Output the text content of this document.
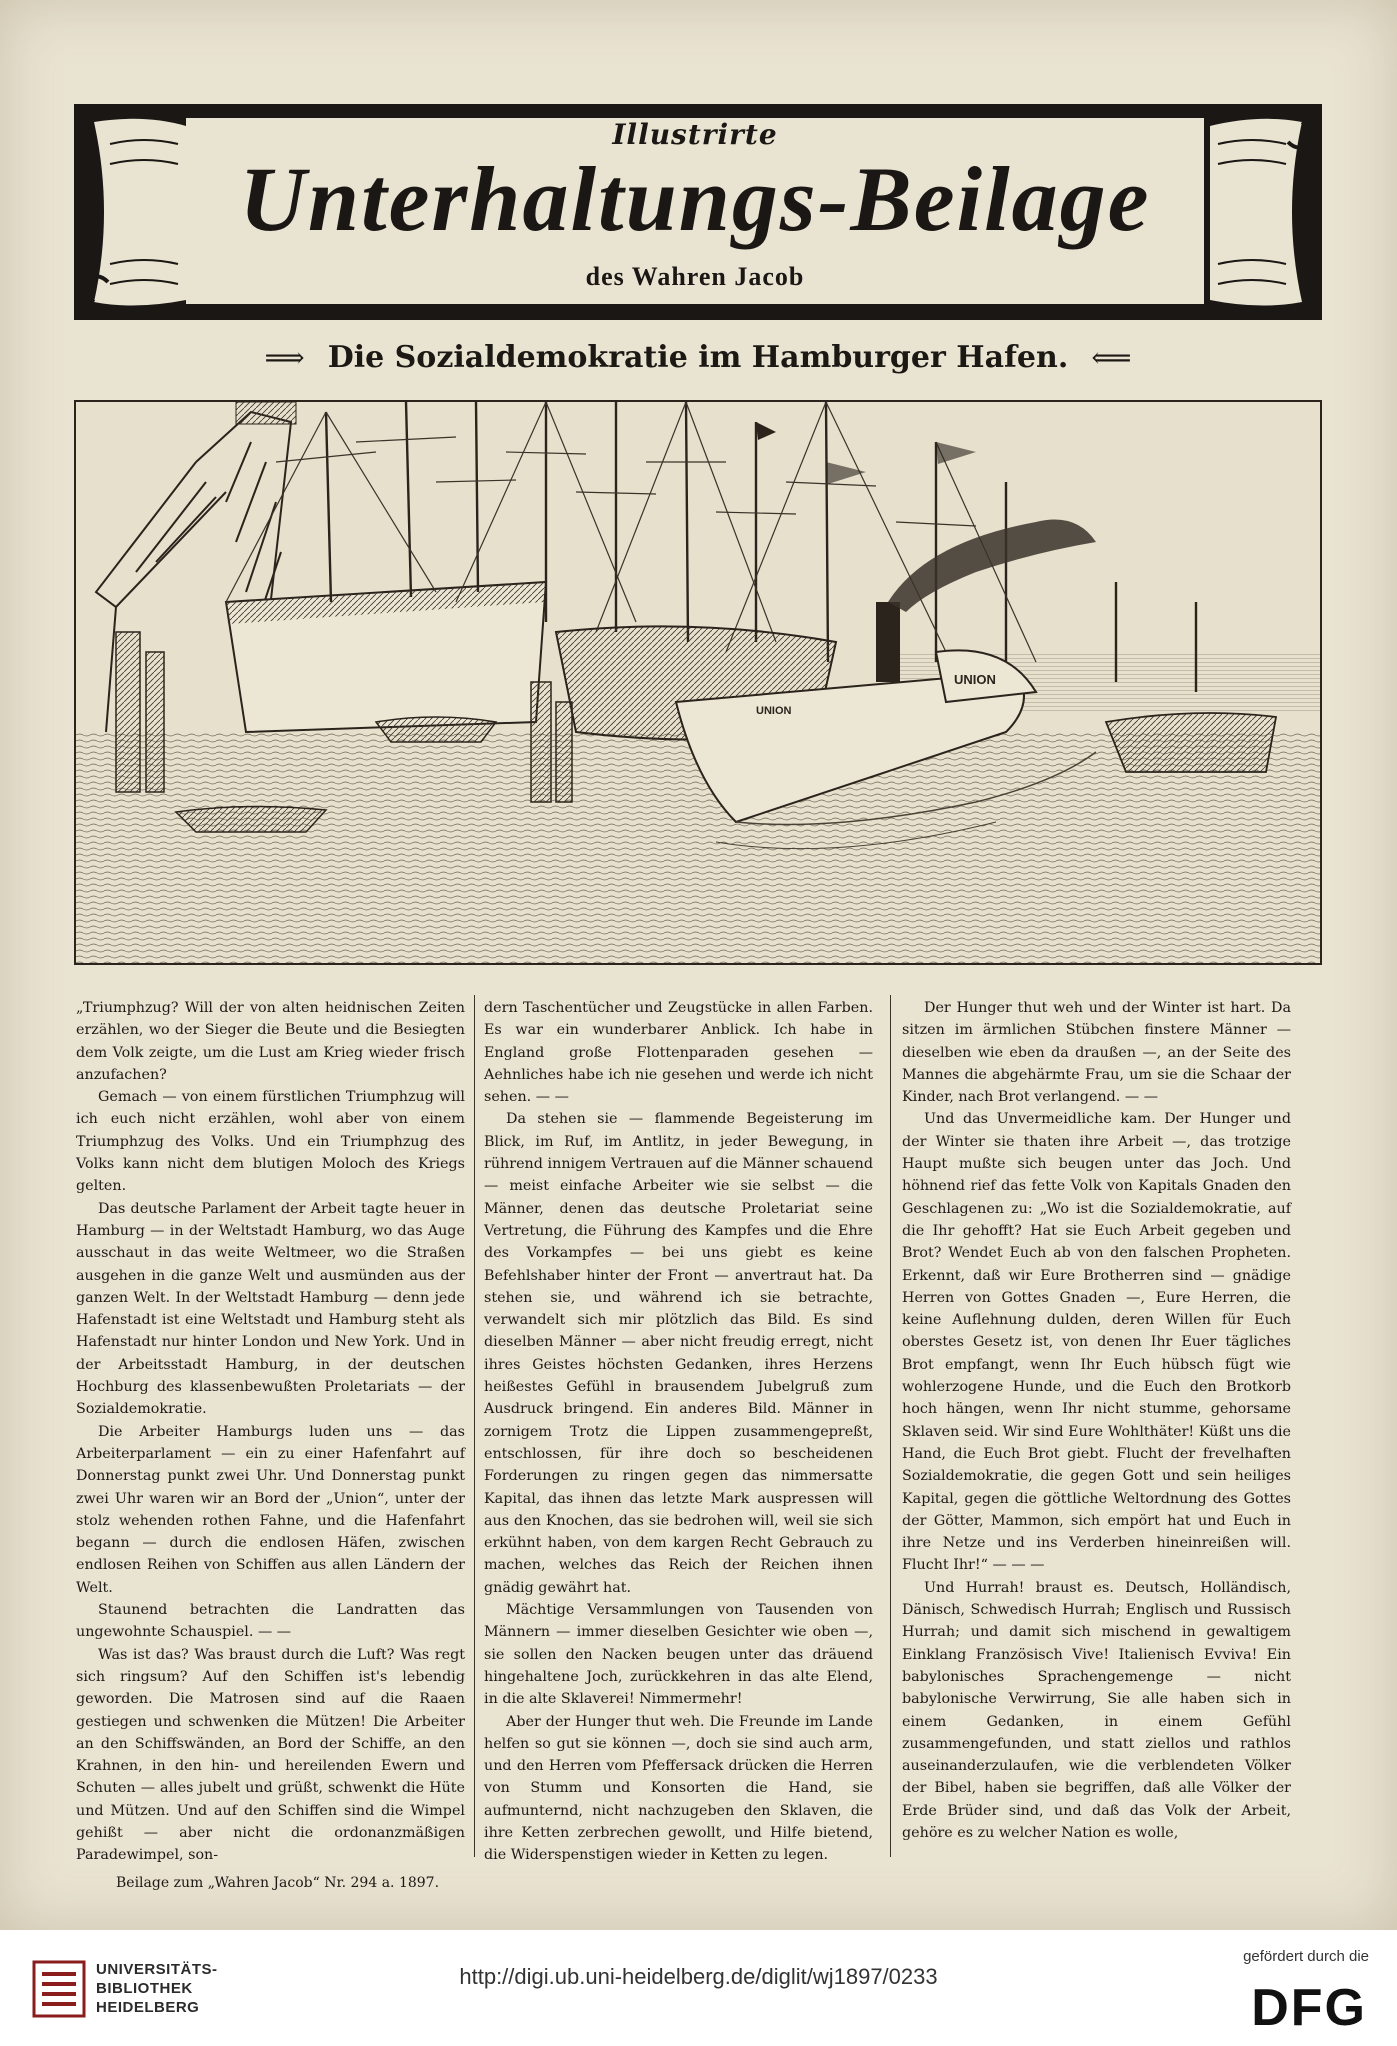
Illustrirte
Unterhaltungs-Beilage
des Wahren Jacob
⟹ Die Sozialdemokratie im Hamburger Hafen. ⟸
UNION
UNION

„Triumphzug? Will der von alten heidnischen Zeiten erzählen, wo der Sieger die Beute und die Besiegten dem Volk zeigte, um die Lust am Krieg wieder frisch anzufachen?

Gemach — von einem fürstlichen Triumphzug will ich euch nicht erzählen, wohl aber von einem Triumphzug des Volks. Und ein Triumphzug des Volks kann nicht dem blutigen Moloch des Kriegs gelten.

Das deutsche Parlament der Arbeit tagte heuer in Hamburg — in der Weltstadt Hamburg, wo das Auge ausschaut in das weite Weltmeer, wo die Straßen ausgehen in die ganze Welt und ausmünden aus der ganzen Welt. In der Weltstadt Hamburg — denn jede Hafenstadt ist eine Weltstadt und Hamburg steht als Hafenstadt nur hinter London und New York. Und in der Arbeitsstadt Hamburg, in der deutschen Hochburg des klassenbewußten Proletariats — der Sozialdemokratie.

Die Arbeiter Hamburgs luden uns — das Arbeiterparlament — ein zu einer Hafenfahrt auf Donnerstag punkt zwei Uhr. Und Donnerstag punkt zwei Uhr waren wir an Bord der „Union“, unter der stolz wehenden rothen Fahne, und die Hafenfahrt begann — durch die endlosen Häfen, zwischen endlosen Reihen von Schiffen aus allen Ländern der Welt.

Staunend betrachten die Landratten das ungewohnte Schauspiel. — —

Was ist das? Was braust durch die Luft? Was regt sich ringsum? Auf den Schiffen ist's lebendig geworden. Die Matrosen sind auf die Raaen gestiegen und schwenken die Mützen! Die Arbeiter an den Schiffswänden, an Bord der Schiffe, an den Krahnen, in den hin- und hereilenden Ewern und Schuten — alles jubelt und grüßt, schwenkt die Hüte und Mützen. Und auf den Schiffen sind die Wimpel gehißt — aber nicht die ordonanzmäßigen Paradewimpel, son-

dern Taschentücher und Zeugstücke in allen Farben. Es war ein wunderbarer Anblick. Ich habe in England große Flottenparaden gesehen — Aehnliches habe ich nie gesehen und werde ich nicht sehen. — —

Da stehen sie — flammende Begeisterung im Blick, im Ruf, im Antlitz, in jeder Bewegung, in rührend innigem Vertrauen auf die Männer schauend — meist einfache Arbeiter wie sie selbst — die Männer, denen das deutsche Proletariat seine Vertretung, die Führung des Kampfes und die Ehre des Vorkampfes — bei uns giebt es keine Befehlshaber hinter der Front — anvertraut hat. Da stehen sie, und während ich sie betrachte, verwandelt sich mir plötzlich das Bild. Es sind dieselben Männer — aber nicht freudig erregt, nicht ihres Geistes höchsten Gedanken, ihres Herzens heißestes Gefühl in brausendem Jubelgruß zum Ausdruck bringend. Ein anderes Bild. Männer in zornigem Trotz die Lippen zusammengepreßt, entschlossen, für ihre doch so bescheidenen Forderungen zu ringen gegen das nimmersatte Kapital, das ihnen das letzte Mark auspressen will aus den Knochen, das sie bedrohen will, weil sie sich erkühnt haben, von dem kargen Recht Gebrauch zu machen, welches das Reich der Reichen ihnen gnädig gewährt hat.

Mächtige Versammlungen von Tausenden von Männern — immer dieselben Gesichter wie oben —, sie sollen den Nacken beugen unter das dräuend hingehaltene Joch, zurückkehren in das alte Elend, in die alte Sklaverei! Nimmermehr!

Aber der Hunger thut weh. Die Freunde im Lande helfen so gut sie können —, doch sie sind auch arm, und den Herren vom Pfeffersack drücken die Herren von Stumm und Konsorten die Hand, sie aufmunternd, nicht nachzugeben den Sklaven, die ihre Ketten zerbrechen gewollt, und Hilfe bietend, die Widerspenstigen wieder in Ketten zu legen.

Der Hunger thut weh und der Winter ist hart. Da sitzen im ärmlichen Stübchen finstere Männer — dieselben wie eben da draußen —, an der Seite des Mannes die abgehärmte Frau, um sie die Schaar der Kinder, nach Brot verlangend. — —

Und das Unvermeidliche kam. Der Hunger und der Winter sie thaten ihre Arbeit —, das trotzige Haupt mußte sich beugen unter das Joch. Und höhnend rief das fette Volk von Kapitals Gnaden den Geschlagenen zu: „Wo ist die Sozialdemokratie, auf die Ihr gehofft? Hat sie Euch Arbeit gegeben und Brot? Wendet Euch ab von den falschen Propheten. Erkennt, daß wir Eure Brotherren sind — gnädige Herren von Gottes Gnaden —, Eure Herren, die keine Auflehnung dulden, deren Willen für Euch oberstes Gesetz ist, von denen Ihr Euer tägliches Brot empfangt, wenn Ihr Euch hübsch fügt wie wohlerzogene Hunde, und die Euch den Brotkorb hoch hängen, wenn Ihr nicht stumme, gehorsame Sklaven seid. Wir sind Eure Wohlthäter! Küßt uns die Hand, die Euch Brot giebt. Flucht der frevelhaften Sozialdemokratie, die gegen Gott und sein heiliges Kapital, gegen die göttliche Weltordnung des Gottes der Götter, Mammon, sich empört hat und Euch in ihre Netze und ins Verderben hineinreißen will. Flucht Ihr!“ — — —

Und Hurrah! braust es. Deutsch, Holländisch, Dänisch, Schwedisch Hurrah; Englisch und Russisch Hurrah; und damit sich mischend in gewaltigem Einklang Französisch Vive! Italienisch Evviva! Ein babylonisches Sprachengemenge — nicht babylonische Verwirrung, Sie alle haben sich in einem Gedanken, in einem Gefühl zusammengefunden, und statt ziellos und rathlos auseinanderzulaufen, wie die verblendeten Völker der Bibel, haben sie begriffen, daß alle Völker der Erde Brüder sind, und daß das Volk der Arbeit, gehöre es zu welcher Nation es wolle,

Beilage zum „Wahren Jacob“ Nr. 294 a. 1897.
UNIVERSITÄTS-
BIBLIOTHEK
HEIDELBERG
http://digi.ub.uni-heidelberg.de/diglit/wj1897/0233
gefördert durch die
DFG
